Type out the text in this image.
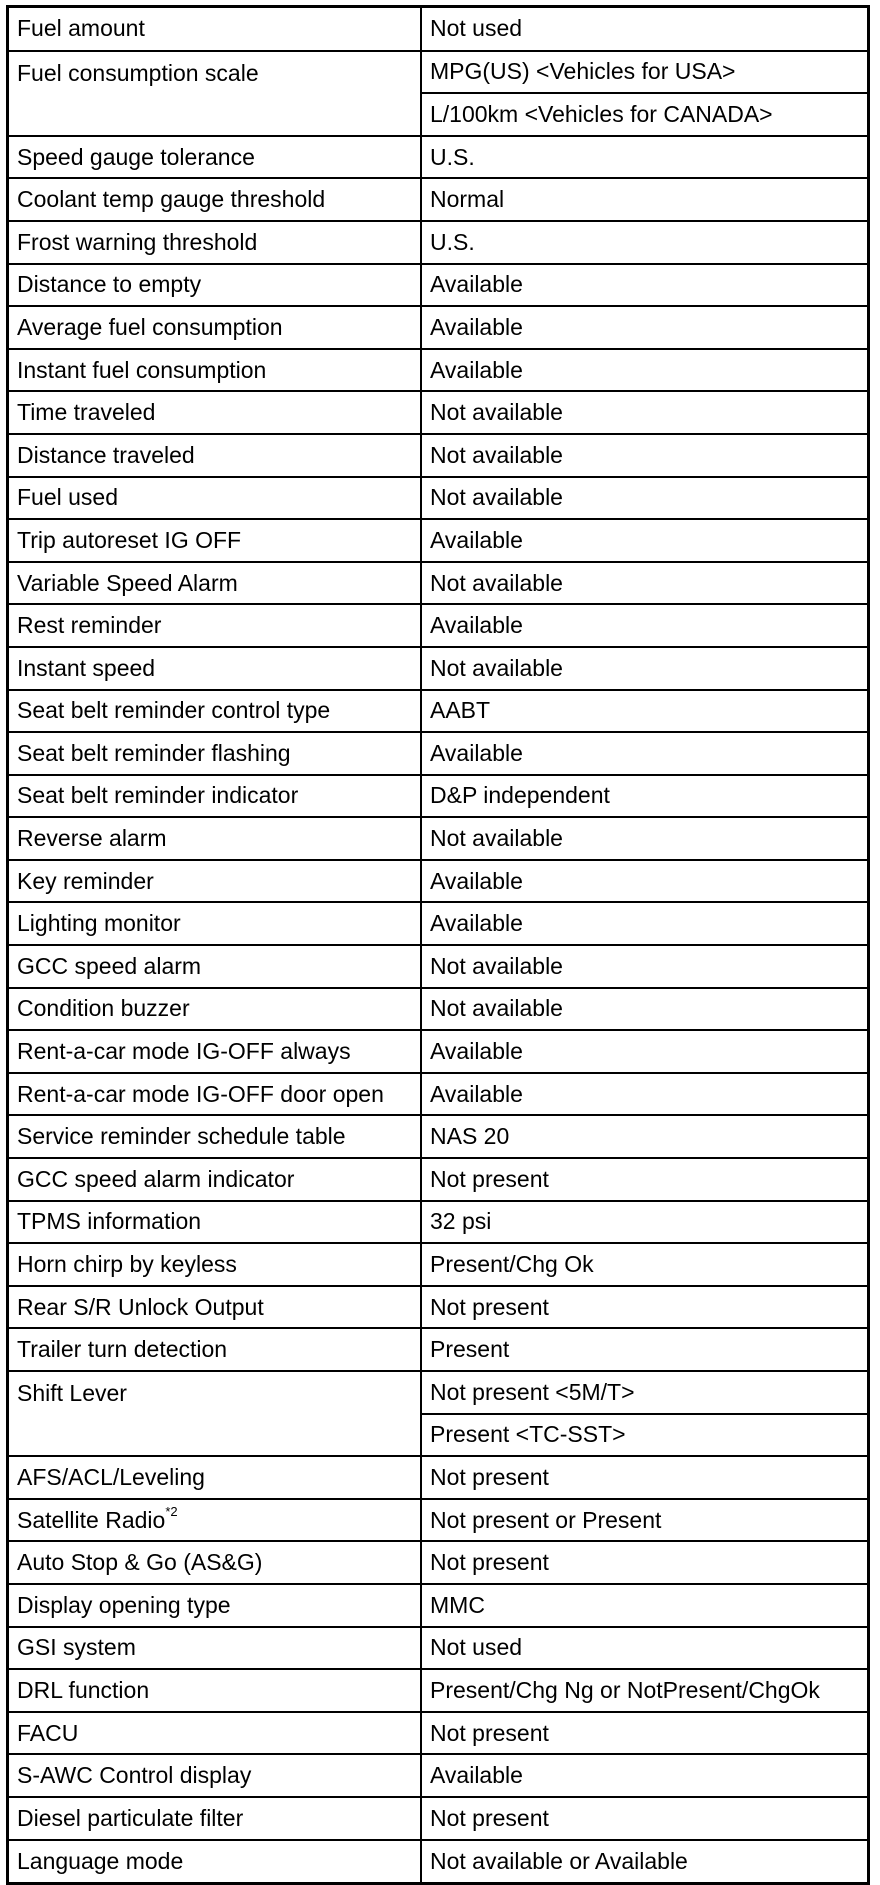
Fuel amount	Not used
Fuel consumption scale	MPG(US) <Vehicles for USA>
	L/100km <Vehicles for CANADA>
Speed gauge tolerance	U.S.
Coolant temp gauge threshold	Normal
Frost warning threshold	U.S.
Distance to empty	Available
Average fuel consumption	Available
Instant fuel consumption	Available
Time traveled	Not available
Distance traveled	Not available
Fuel used	Not available
Trip autoreset IG OFF	Available
Variable Speed Alarm	Not available
Rest reminder	Available
Instant speed	Not available
Seat belt reminder control type	AABT
Seat belt reminder flashing	Available
Seat belt reminder indicator	D&P independent
Reverse alarm	Not available
Key reminder	Available
Lighting monitor	Available
GCC speed alarm	Not available
Condition buzzer	Not available
Rent-a-car mode IG-OFF always	Available
Rent-a-car mode IG-OFF door open	Available
Service reminder schedule table	NAS 20
GCC speed alarm indicator	Not present
TPMS information	32 psi
Horn chirp by keyless	Present/Chg Ok
Rear S/R Unlock Output	Not present
Trailer turn detection	Present
Shift Lever	Not present <5M/T>
	Present <TC-SST>
AFS/ACL/Leveling	Not present
Satellite Radio$^{*2}$	Not present or Present
Auto Stop & Go (AS&G)	Not present
Display opening type	MMC
GSI system	Not used
DRL function	Present/Chg Ng or NotPresent/ChgOk
FACU	Not present
S-AWC Control display	Available
Diesel particulate filter	Not present
Language mode	Not available or Available
